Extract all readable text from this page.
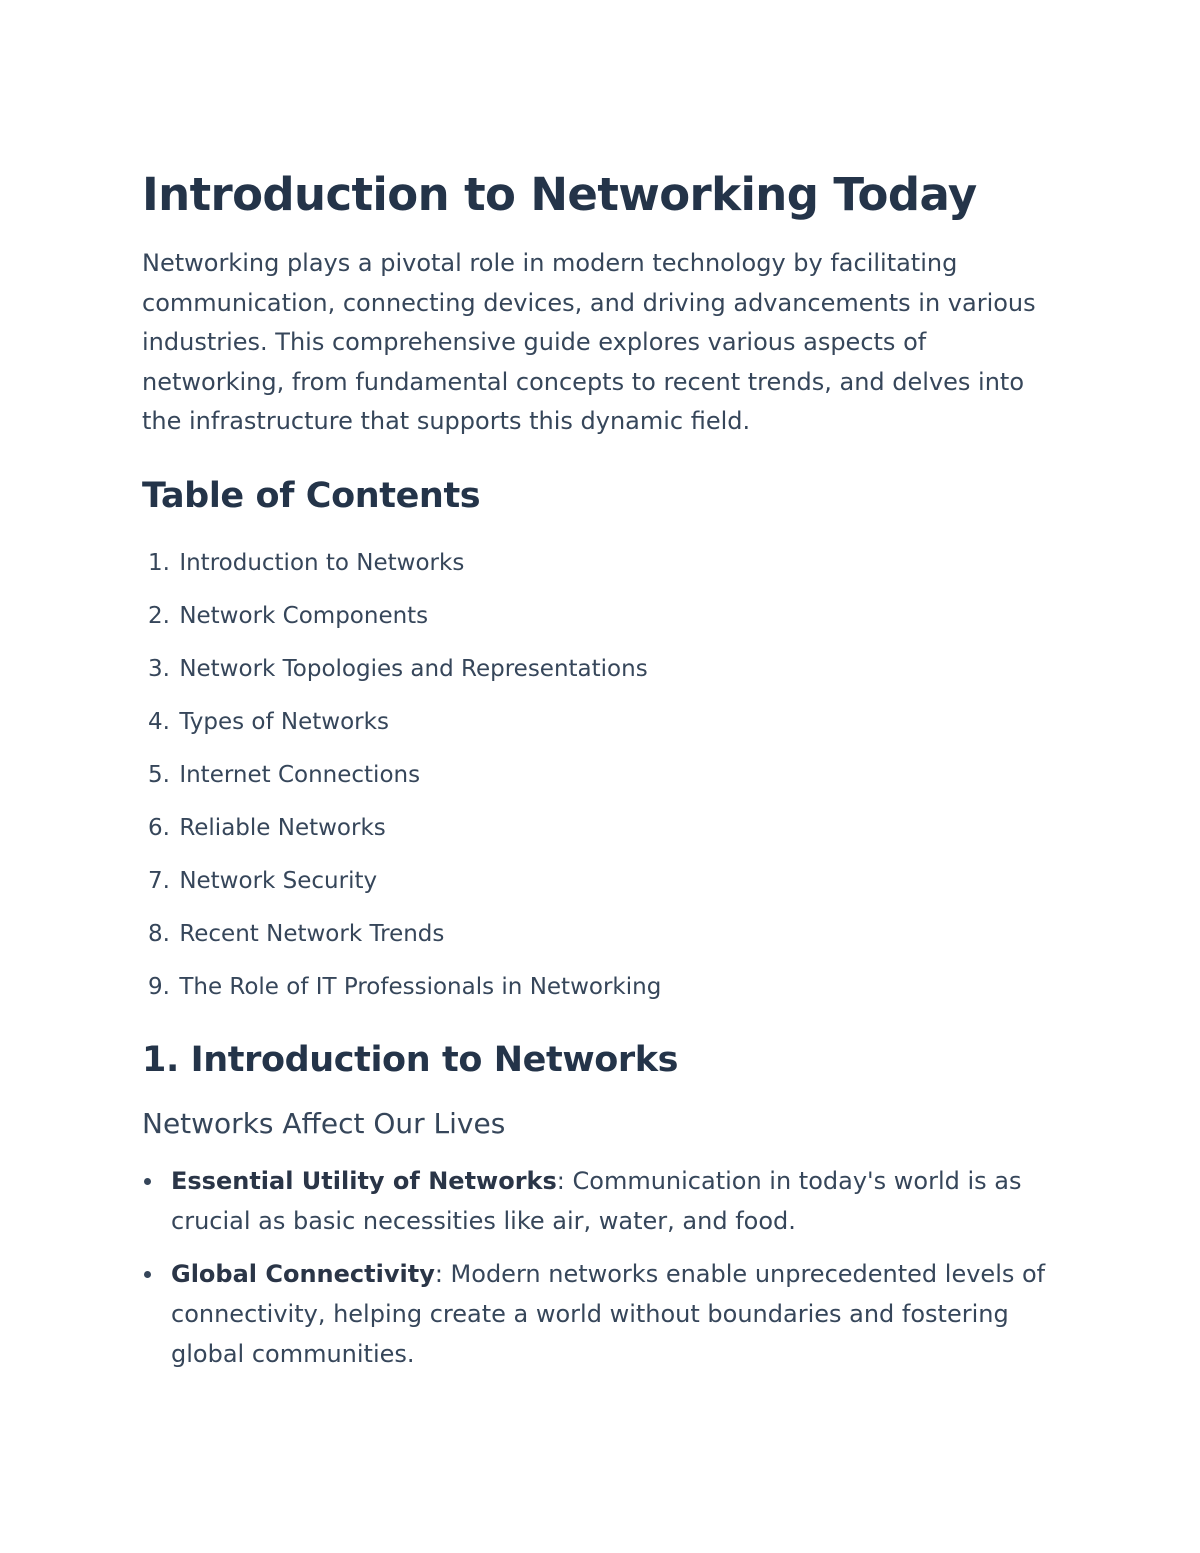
Introduction to Networking Today

Networking plays a pivotal role in modern technology by facilitating communication, connecting devices, and driving advancements in various industries. This comprehensive guide explores various aspects of networking, from fundamental concepts to recent trends, and delves into the infrastructure that supports this dynamic field.

Table of Contents
1. Introduction to Networks
2. Network Components
3. Network Topologies and Representations
4. Types of Networks
5. Internet Connections
6. Reliable Networks
7. Network Security
8. Recent Network Trends
9. The Role of IT Professionals in Networking
1. Introduction to Networks
Networks Affect Our Lives
Essential Utility of Networks: Communication in today's world is as crucial as basic necessities like air, water, and food.
Global Connectivity: Modern networks enable unprecedented levels of connectivity, helping create a world without boundaries and fostering global communities.
